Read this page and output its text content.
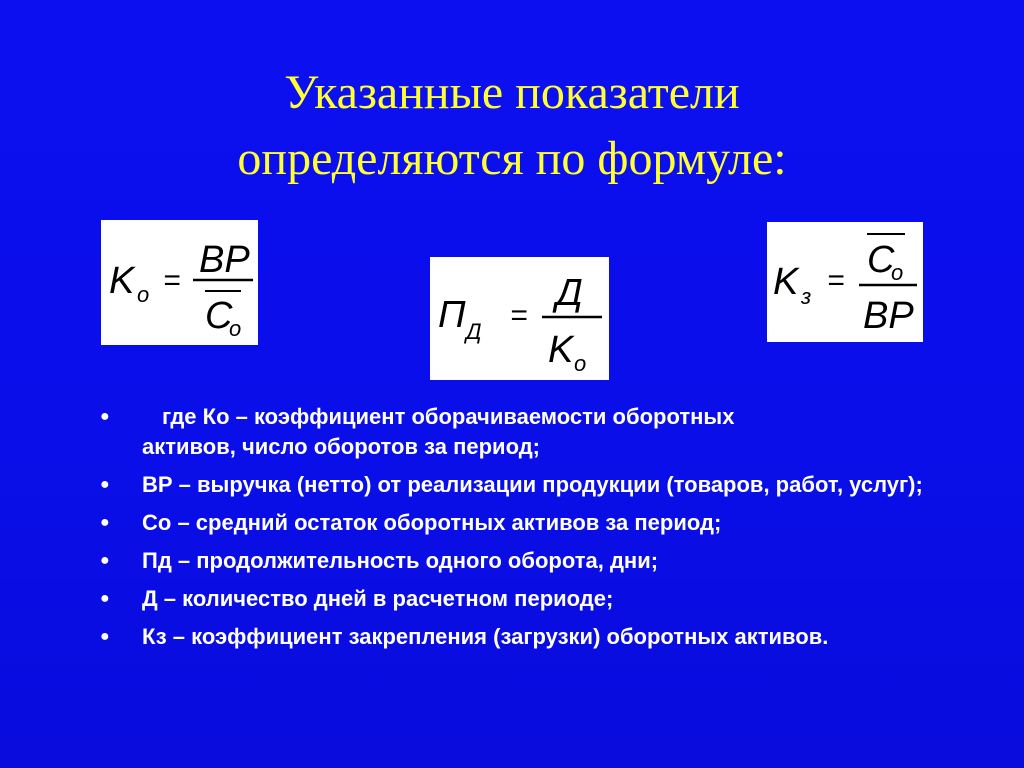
Указанные показатели
определяются по формуле:
K o = BP
C
o	П Д =
Д
K o
K з = C
o
BP
● где Ко – коэффициент оборачиваемости оборотных
активов, число оборотов за период;
● ВР – выручка (нетто) от реализации продукции (товаров, работ, услуг);
● Со – средний остаток оборотных активов за период;
● Пд – продолжительность одного оборота, дни;
● Д – количество дней в расчетном периоде;
● Кз – коэффициент закрепления (загрузки) оборотных активов.
